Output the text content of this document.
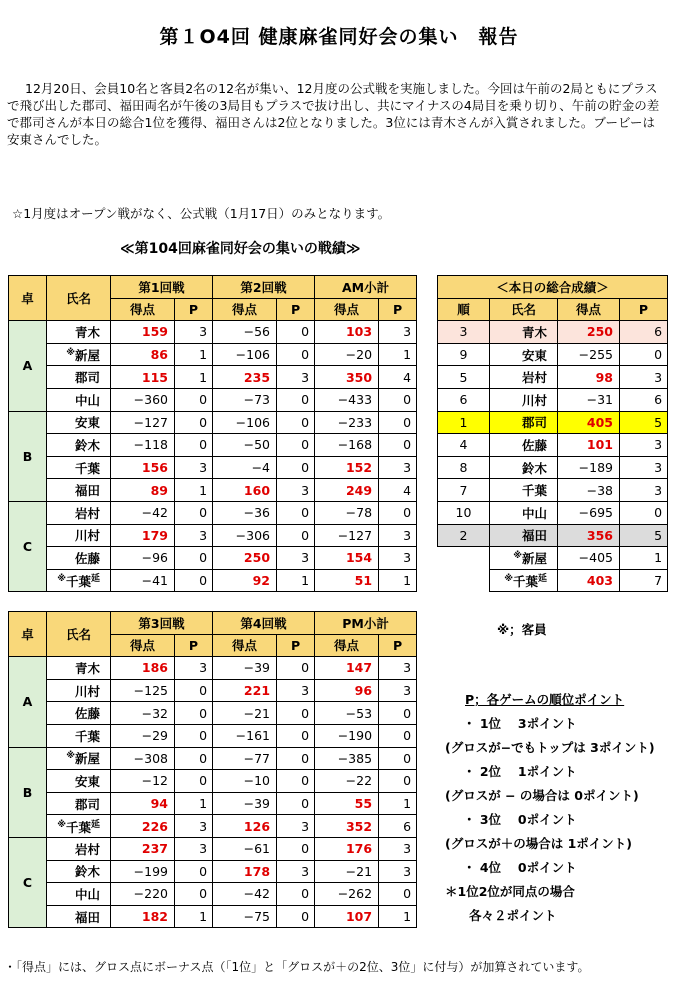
第１O4回 健康麻雀同好会の集い　報告
12月20日、会員10名と客員2名の12名が集い、12月度の公式戦を実施しました。今回は午前の2局ともにプラスで飛び出した郡司、福田両名が午後の3局目もプラスで抜け出し、共にマイナスの4局目を乗り切り、午前の貯金の差で郡司さんが本日の総合1位を獲得、福田さんは2位となりました。3位には青木さんが入賞されました。ブービーは安東さんでした。
☆1月度はオープン戦がなく、公式戦（1月17日）のみとなります。
≪第104回麻雀同好会の集いの戦績≫
卓	氏名	第1回戦		第2回戦		AM小計	
		得点	P	得点	P	得点	P
A	青木	159	3	−56	0	103	3
	※新屋	86	1	−106	0	−20	1
	郡司	115	1	235	3	350	4
	中山	−360	0	−73	0	−433	0
B	安東	−127	0	−106	0	−233	0
	鈴木	−118	0	−50	0	−168	0
	千葉	156	3	−4	0	152	3
	福田	89	1	160	3	249	4
C	岩村	−42	0	−36	0	−78	0
	川村	179	3	−306	0	−127	3
	佐藤	−96	0	250	3	154	3
	※千葉$^延$	−41	0	92	1	51	1
卓	氏名	第3回戦		第4回戦		PM小計	
		得点	P	得点	P	得点	P
A	青木	186	3	−39	0	147	3
	川村	−125	0	221	3	96	3
	佐藤	−32	0	−21	0	−53	0
	千葉	−29	0	−161	0	−190	0
B	※新屋	−308	0	−77	0	−385	0
	安東	−12	0	−10	0	−22	0
	郡司	94	1	−39	0	55	1
	※千葉$^延$	226	3	126	3	352	6
C	岩村	237	3	−61	0	176	3
	鈴木	−199	0	178	3	−21	3
	中山	−220	0	−42	0	−262	0
	福田	182	1	−75	0	107	1
＜本日の総合成績＞			
順	氏名	得点	P
3	青木	250	6
9	安東	−255	0
5	岩村	98	3
6	川村	−31	6
1	郡司	405	5
4	佐藤	101	3
8	鈴木	−189	3
7	千葉	−38	3
10	中山	−695	0
2	福田	356	5
	※新屋	−405	1
	※千葉$^延$	403	7
※；客員
P；各ゲームの順位ポイント
・ 1位　 3ポイント
(グロスが−でもトップは 3ポイント)
・ 2位　 1ポイント
(グロスが − の場合は 0ポイント)
・ 3位　 0ポイント
(グロスが＋の場合は 1ポイント)
・ 4位　 0ポイント
＊1位2位が同点の場合
各々２ポイント
・「得点」には、グロス点にボーナス点（「1位」と「グロスが＋の2位、3位」に付与）が加算されています。
